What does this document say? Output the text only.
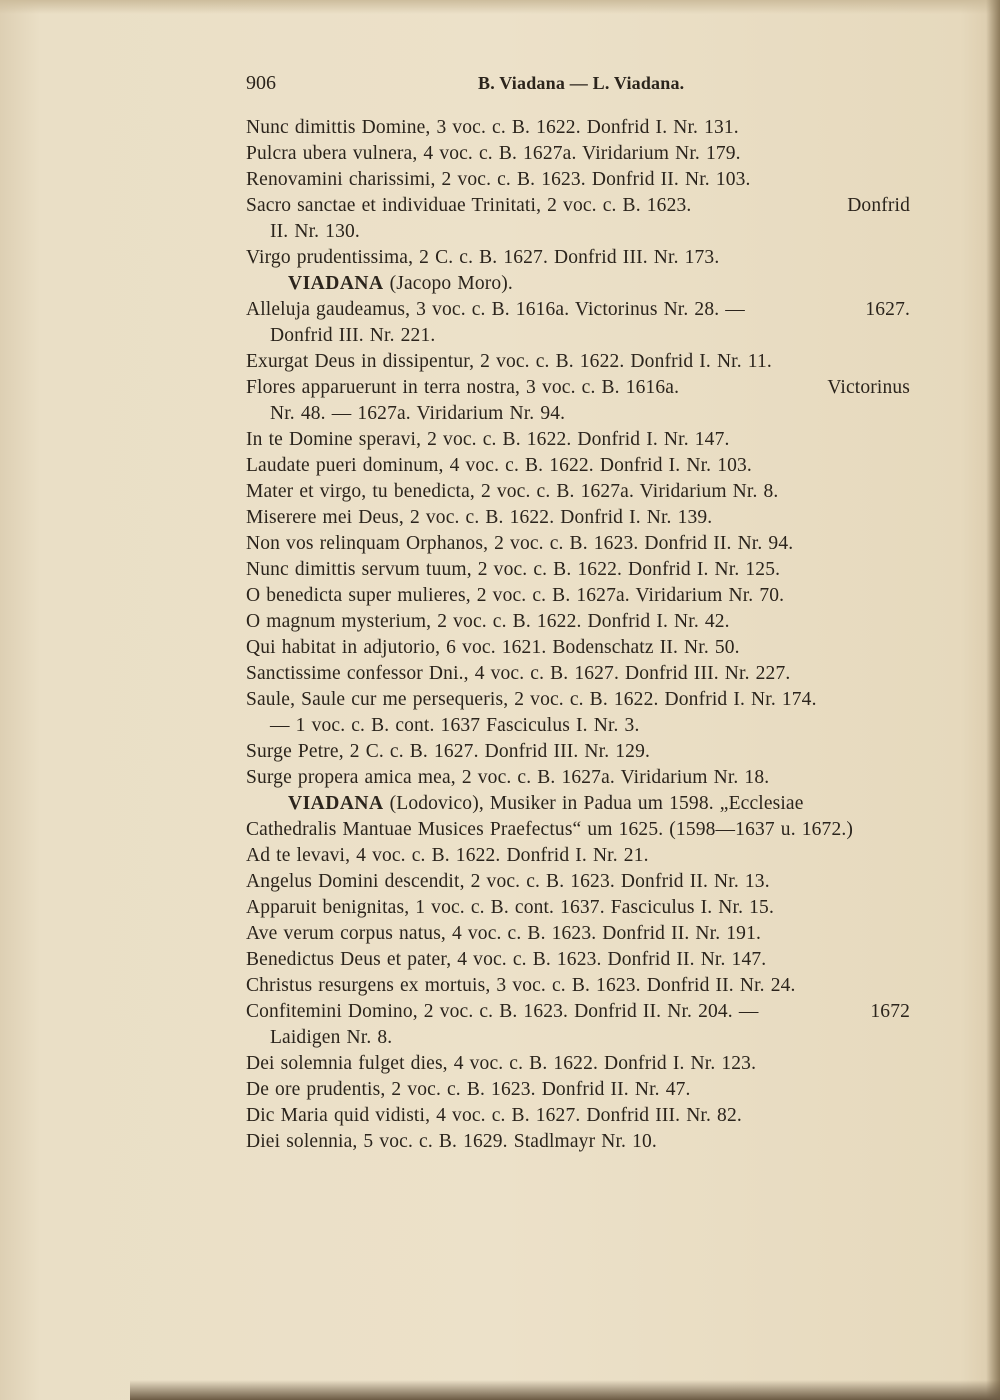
906	B. Viadana — L. Viadana.
Nunc dimittis Domine, 3 voc. c. B. 1622. Donfrid I. Nr. 131.
Pulcra ubera vulnera, 4 voc. c. B. 1627a. Viridarium Nr. 179.
Renovamini charissimi, 2 voc. c. B. 1623. Donfrid II. Nr. 103.
Sacro sanctae et individuae Trinitati, 2 voc. c. B. 1623.	Donfrid
II. Nr. 130.
Virgo prudentissima, 2 C. c. B. 1627. Donfrid III. Nr. 173.
VIADANA (Jacopo Moro).
Alleluja gaudeamus, 3 voc. c. B. 1616a. Victorinus Nr. 28. —	1627.
Donfrid III. Nr. 221.
Exurgat Deus in dissipentur, 2 voc. c. B. 1622. Donfrid I. Nr. 11.
Flores apparuerunt in terra nostra, 3 voc. c. B. 1616a.	Victorinus
Nr. 48. — 1627a. Viridarium Nr. 94.
In te Domine speravi, 2 voc. c. B. 1622. Donfrid I. Nr. 147.
Laudate pueri dominum, 4 voc. c. B. 1622. Donfrid I. Nr. 103.
Mater et virgo, tu benedicta, 2 voc. c. B. 1627a. Viridarium Nr. 8.
Miserere mei Deus, 2 voc. c. B. 1622. Donfrid I. Nr. 139.
Non vos relinquam Orphanos, 2 voc. c. B. 1623. Donfrid II. Nr. 94.
Nunc dimittis servum tuum, 2 voc. c. B. 1622. Donfrid I. Nr. 125.
O benedicta super mulieres, 2 voc. c. B. 1627a. Viridarium Nr. 70.
O magnum mysterium, 2 voc. c. B. 1622. Donfrid I. Nr. 42.
Qui habitat in adjutorio, 6 voc. 1621. Bodenschatz II. Nr. 50.
Sanctissime confessor Dni., 4 voc. c. B. 1627. Donfrid III. Nr. 227.
Saule, Saule cur me persequeris, 2 voc. c. B. 1622. Donfrid I. Nr. 174.
— 1 voc. c. B. cont. 1637 Fasciculus I. Nr. 3.
Surge Petre, 2 C. c. B. 1627. Donfrid III. Nr. 129.
Surge propera amica mea, 2 voc. c. B. 1627a. Viridarium Nr. 18.
VIADANA (Lodovico), Musiker in Padua um 1598. „Ecclesiae
Cathedralis Mantuae Musices Praefectus“ um 1625. (1598—1637 u. 1672.)
Ad te levavi, 4 voc. c. B. 1622. Donfrid I. Nr. 21.
Angelus Domini descendit, 2 voc. c. B. 1623. Donfrid II. Nr. 13.
Apparuit benignitas, 1 voc. c. B. cont. 1637. Fasciculus I. Nr. 15.
Ave verum corpus natus, 4 voc. c. B. 1623. Donfrid II. Nr. 191.
Benedictus Deus et pater, 4 voc. c. B. 1623. Donfrid II. Nr. 147.
Christus resurgens ex mortuis, 3 voc. c. B. 1623. Donfrid II. Nr. 24.
Confitemini Domino, 2 voc. c. B. 1623. Donfrid II. Nr. 204. —	1672
Laidigen Nr. 8.
Dei solemnia fulget dies, 4 voc. c. B. 1622. Donfrid I. Nr. 123.
De ore prudentis, 2 voc. c. B. 1623. Donfrid II. Nr. 47.
Dic Maria quid vidisti, 4 voc. c. B. 1627. Donfrid III. Nr. 82.
Diei solennia, 5 voc. c. B. 1629. Stadlmayr Nr. 10.
